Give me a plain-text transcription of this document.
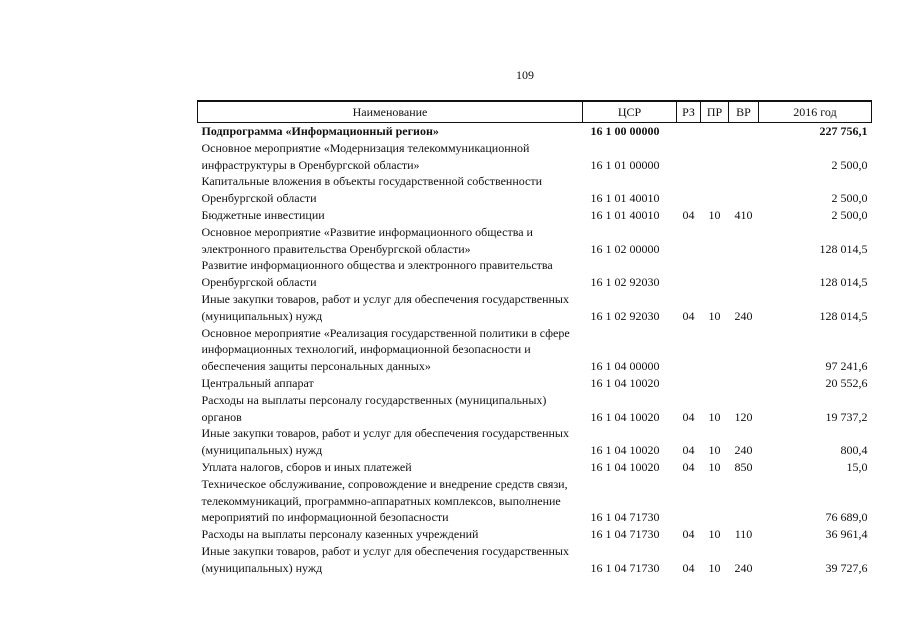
109
Наименование	ЦСР	РЗ	ПР	ВР	2016 год
Подпрограмма «Информационный регион»	16 1 00 00000				227 756,1
Основное мероприятие «Модернизация телекоммуникационной инфраструктуры в Оренбургской области»	16 1 01 00000				2 500,0
Капитальные вложения в объекты государственной собственности Оренбургской области	16 1 01 40010				2 500,0
Бюджетные инвестиции	16 1 01 40010	04	10	410	2 500,0
Основное мероприятие «Развитие информационного общества и электронного правительства Оренбургской области»	16 1 02 00000				128 014,5
Развитие информационного общества и электронного правительства Оренбургской области	16 1 02 92030				128 014,5
Иные закупки товаров, работ и услуг для обеспечения государственных (муниципальных) нужд	16 1 02 92030	04	10	240	128 014,5
Основное мероприятие «Реализация государственной политики в сфере информационных технологий, информационной безопасности и обеспечения защиты персональных данных»	16 1 04 00000				97 241,6
Центральный аппарат	16 1 04 10020				20 552,6
Расходы на выплаты персоналу государственных (муниципальных) органов	16 1 04 10020	04	10	120	19 737,2
Иные закупки товаров, работ и услуг для обеспечения государственных (муниципальных) нужд	16 1 04 10020	04	10	240	800,4
Уплата налогов, сборов и иных платежей	16 1 04 10020	04	10	850	15,0
Техническое обслуживание, сопровождение и внедрение средств связи, телекоммуникаций, программно-аппаратных комплексов, выполнение мероприятий по информационной безопасности	16 1 04 71730				76 689,0
Расходы на выплаты персоналу казенных учреждений	16 1 04 71730	04	10	110	36 961,4
Иные закупки товаров, работ и услуг для обеспечения государственных (муниципальных) нужд	16 1 04 71730	04	10	240	39 727,6
